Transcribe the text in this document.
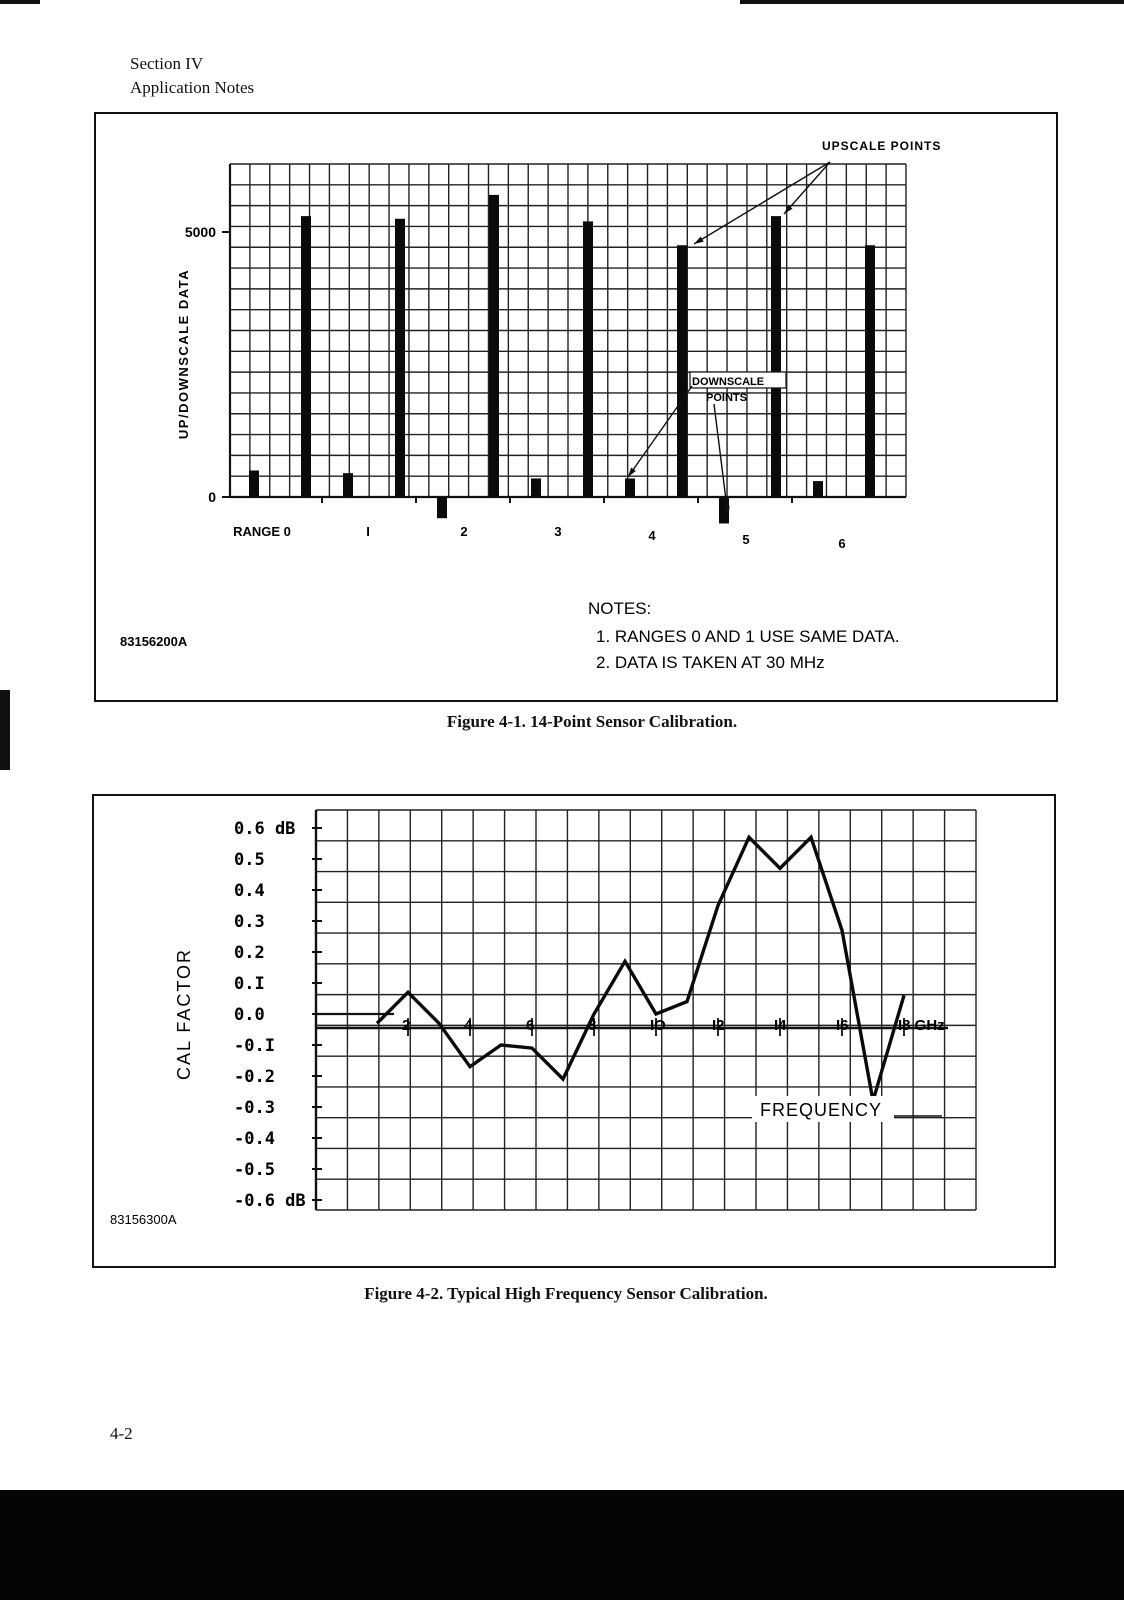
Section IV
Application Notes
0
5000
RANGE 0	I	2	3	4	5	6
UP/DOWNSCALE DATA
UPSCALE POINTS
DOWNSCALE
POINTS
NOTES:
1. RANGES 0 AND 1 USE SAME DATA.
2. DATA IS TAKEN AT 30 MHz
83156200A
Figure 4-1. 14-Point Sensor Calibration.
0.6 dB
0.5
0.4
0.3
0.2
0.I
0.0
-0.I
-0.2
-0.3
-0.4
-0.5
-0.6 dB
2	4	6	8	IO	I2	I4	I6	I8 GHz
CAL FACTOR
FREQUENCY
83156300A
Figure 4-2. Typical High Frequency Sensor Calibration.
4-2
